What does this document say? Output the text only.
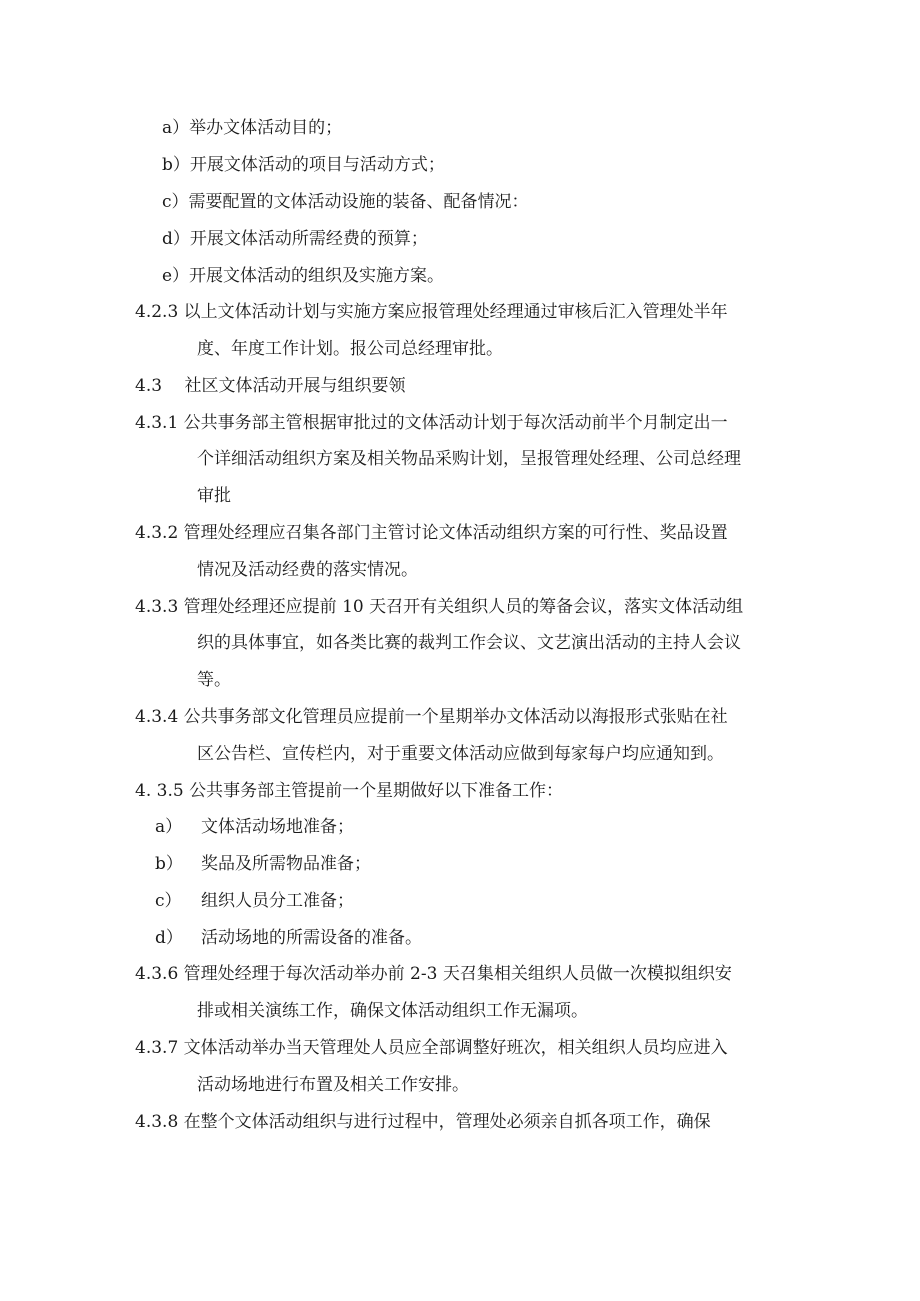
a）举办文体活动目的；
b）开展文体活动的项目与活动方式；
c）需要配置的文体活动设施的装备、配备情况：
d）开展文体活动所需经费的预算；
e）开展文体活动的组织及实施方案。
4.2.3 以上文体活动计划与实施方案应报管理处经理通过审核后汇入管理处半年
度、年度工作计划。报公司总经理审批。
4.3　 社区文体活动开展与组织要领
4.3.1 公共事务部主管根据审批过的文体活动计划于每次活动前半个月制定出一
个详细活动组织方案及相关物品采购计划，呈报管理处经理、公司总经理
审批
4.3.2 管理处经理应召集各部门主管讨论文体活动组织方案的可行性、奖品设置
情况及活动经费的落实情况。
4.3.3 管理处经理还应提前 10 天召开有关组织人员的筹备会议，落实文体活动组
织的具体事宜，如各类比赛的裁判工作会议、文艺演出活动的主持人会议
等。
4.3.4 公共事务部文化管理员应提前一个星期举办文体活动以海报形式张贴在社
区公告栏、宣传栏内，对于重要文体活动应做到每家每户均应通知到。
4. 3.5 公共事务部主管提前一个星期做好以下准备工作：
a） 文体活动场地准备；
b） 奖品及所需物品准备；
c） 组织人员分工准备；
d） 活动场地的所需设备的准备。
4.3.6 管理处经理于每次活动举办前 2-3 天召集相关组织人员做一次模拟组织安
排或相关演练工作，确保文体活动组织工作无漏项。
4.3.7 文体活动举办当天管理处人员应全部调整好班次，相关组织人员均应进入
活动场地进行布置及相关工作安排。
4.3.8 在整个文体活动组织与进行过程中，管理处必须亲自抓各项工作，确保
